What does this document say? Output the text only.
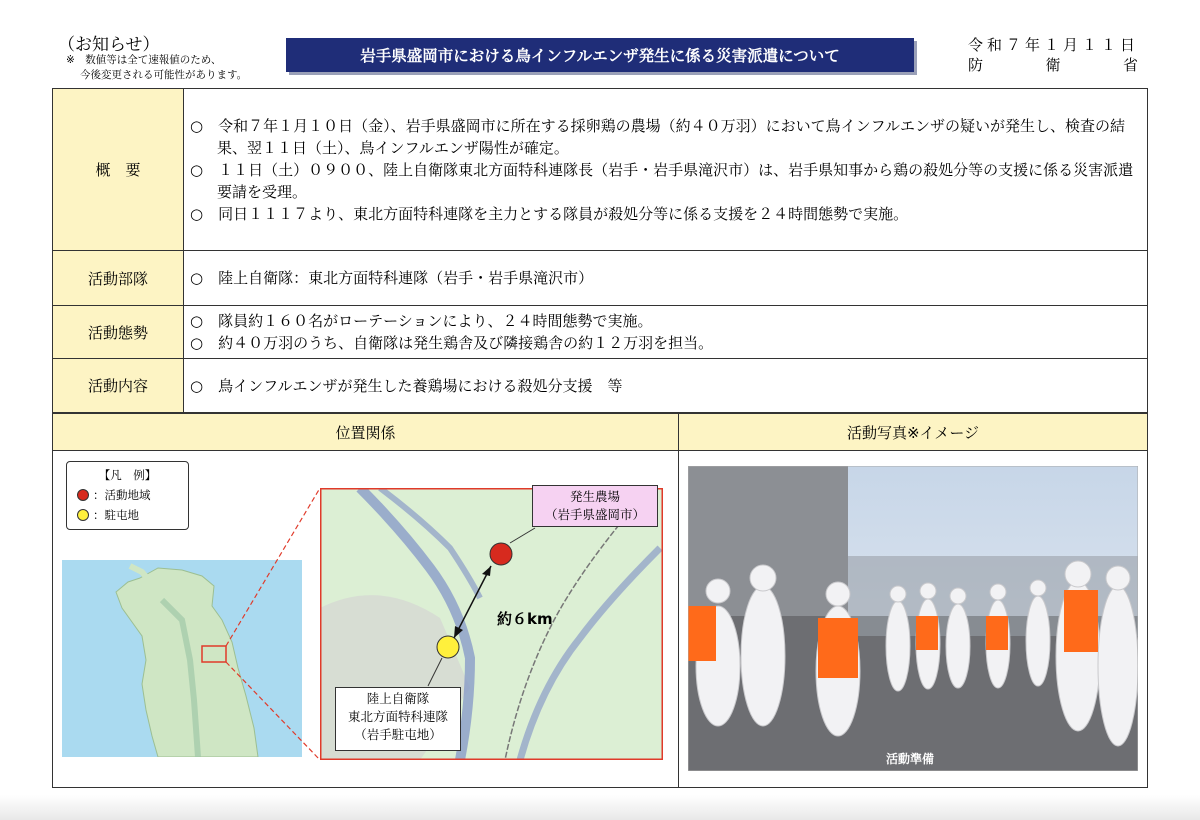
（お知らせ）
※　数値等は全て速報値のため、
今後変更される可能性があります。
岩手県盛岡市における鳥インフルエンザ発生に係る災害派遣について
令和７年１月１１日
防	衛	省
概　要	○　令和７年１月１０日（金）、岩手県盛岡市に所在する採卵鶏の農場（約４０万羽）において鳥インフルエンザの疑いが発生し、検査の結果、翌１１日（土）、鳥インフルエンザ陽性が確定。
○　１１日（土）０９００、陸上自衛隊東北方面特科連隊長（岩手・岩手県滝沢市）は、岩手県知事から鶏の殺処分等の支援に係る災害派遣要請を受理。
○　同日１１１７より、東北方面特科連隊を主力とする隊員が殺処分等に係る支援を２４時間態勢で実施。

活動部隊	○　陸上自衛隊：東北方面特科連隊（岩手・岩手県滝沢市）

活動態勢	○　隊員約１６０名がローテーションにより、２４時間態勢で実施。
○　約４０万羽のうち、自衛隊は発生鶏舎及び隣接鶏舎の約１２万羽を担当。

活動内容	○　鳥インフルエンザが発生した養鶏場における殺処分支援　等
位置関係	活動写真※イメージ
【凡　例】
：活動地域
：駐屯地
約６km
発生農場
（岩手県盛岡市）
陸上自衛隊
東北方面特科連隊
（岩手駐屯地）
活動準備
